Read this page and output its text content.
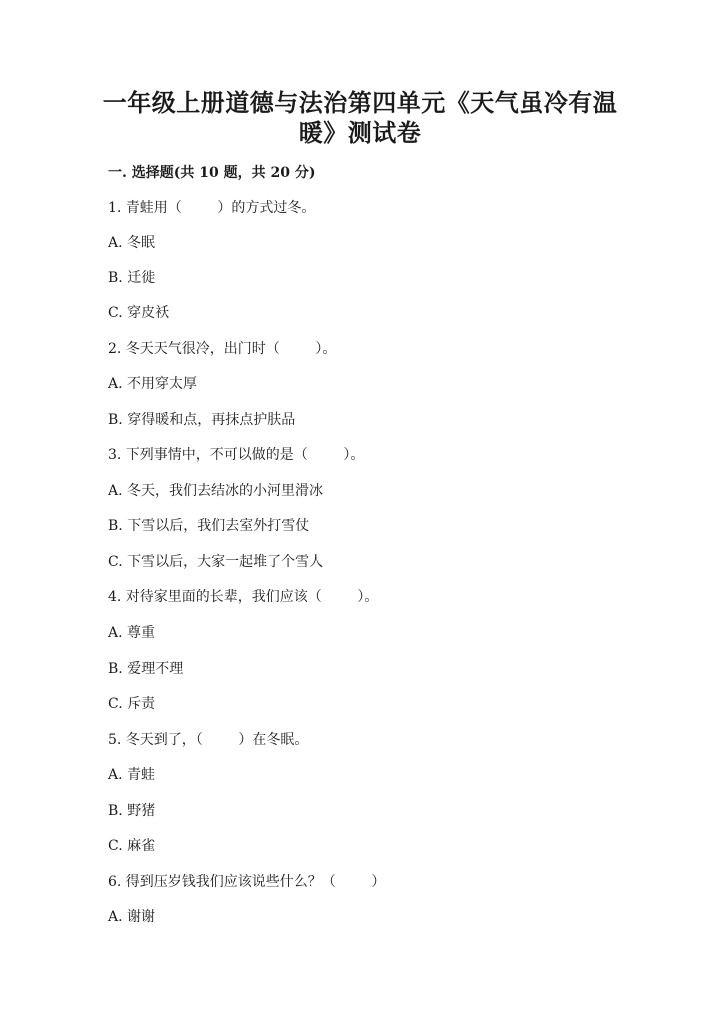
一年级上册道德与法治第四单元《天气虽冷有温
暖》测试卷
一. 选择题(共 10 题，共 20 分)
1. 青蛙用（        ）的方式过冬。
A. 冬眠
B. 迁徙
C. 穿皮袄
2. 冬天天气很冷，出门时（        ）。
A. 不用穿太厚
B. 穿得暖和点，再抹点护肤品
3. 下列事情中，不可以做的是（        ）。
A. 冬天，我们去结冰的小河里滑冰
B. 下雪以后，我们去室外打雪仗
C. 下雪以后，大家一起堆了个雪人
4. 对待家里面的长辈，我们应该（        ）。
A. 尊重
B. 爱理不理
C. 斥责
5. 冬天到了，（        ）在冬眠。
A. 青蛙
B. 野猪
C. 麻雀
6. 得到压岁钱我们应该说些什么？（        ）
A. 谢谢
